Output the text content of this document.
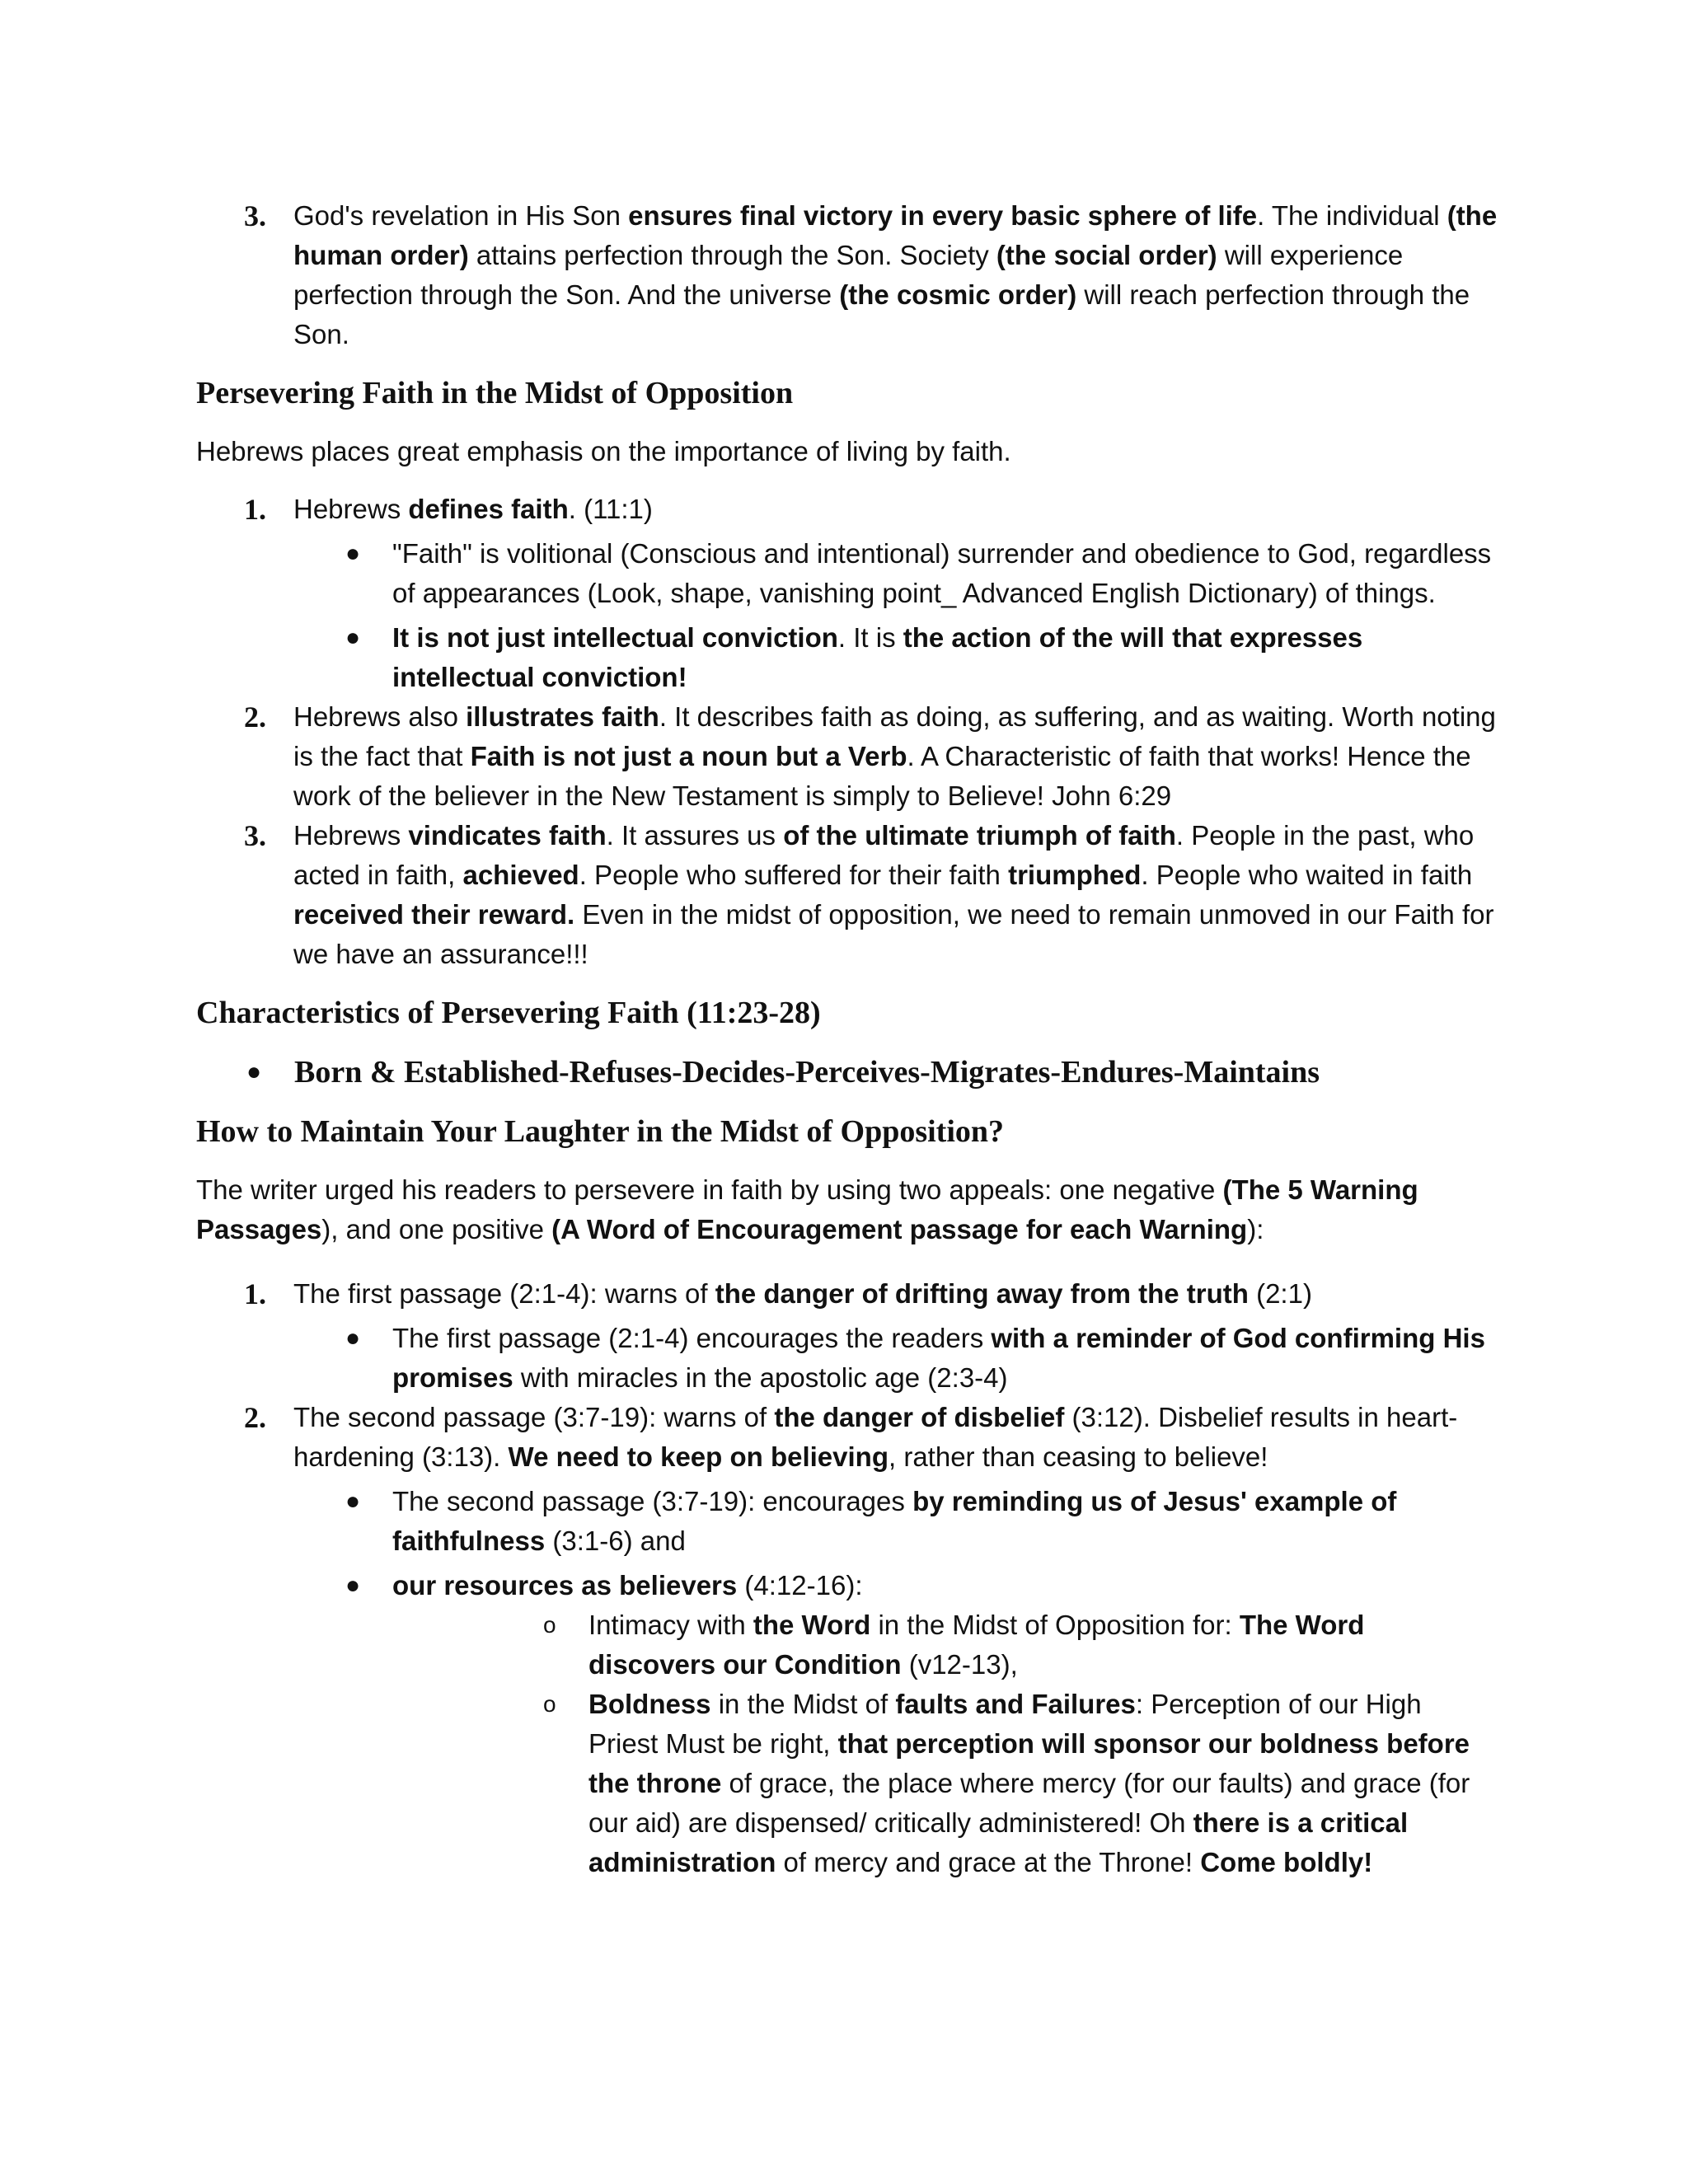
3. God's revelation in His Son ensures final victory in every basic sphere of life. The individual (the human order) attains perfection through the Son. Society (the social order) will experience perfection through the Son. And the universe (the cosmic order) will reach perfection through the Son.
Persevering Faith in the Midst of Opposition
Hebrews places great emphasis on the importance of living by faith.
1. Hebrews defines faith. (11:1)
● "Faith" is volitional (Conscious and intentional) surrender and obedience to God, regardless of appearances (Look, shape, vanishing point_ Advanced English Dictionary) of things.
● It is not just intellectual conviction. It is the action of the will that expresses intellectual conviction!
2. Hebrews also illustrates faith. It describes faith as doing, as suffering, and as waiting. Worth noting is the fact that Faith is not just a noun but a Verb. A Characteristic of faith that works! Hence the work of the believer in the New Testament is simply to Believe! John 6:29
3. Hebrews vindicates faith. It assures us of the ultimate triumph of faith. People in the past, who acted in faith, achieved. People who suffered for their faith triumphed. People who waited in faith received their reward. Even in the midst of opposition, we need to remain unmoved in our Faith for we have an assurance!!!
Characteristics of Persevering Faith (11:23-28)
● Born & Established-Refuses-Decides-Perceives-Migrates-Endures-Maintains
How to Maintain Your Laughter in the Midst of Opposition?
The writer urged his readers to persevere in faith by using two appeals: one negative (The 5 Warning Passages), and one positive (A Word of Encouragement passage for each Warning):
1. The first passage (2:1-4): warns of the danger of drifting away from the truth (2:1)
● The first passage (2:1-4) encourages the readers with a reminder of God confirming His promises with miracles in the apostolic age (2:3-4)
2. The second passage (3:7-19): warns of the danger of disbelief (3:12). Disbelief results in heart-hardening (3:13). We need to keep on believing, rather than ceasing to believe!
● The second passage (3:7-19): encourages by reminding us of Jesus' example of faithfulness (3:1-6) and
● our resources as believers (4:12-16):
o Intimacy with the Word in the Midst of Opposition for: The Word discovers our Condition (v12-13),
o Boldness in the Midst of faults and Failures: Perception of our High Priest Must be right, that perception will sponsor our boldness before the throne of grace, the place where mercy (for our faults) and grace (for our aid) are dispensed/ critically administered! Oh there is a critical administration of mercy and grace at the Throne! Come boldly!
